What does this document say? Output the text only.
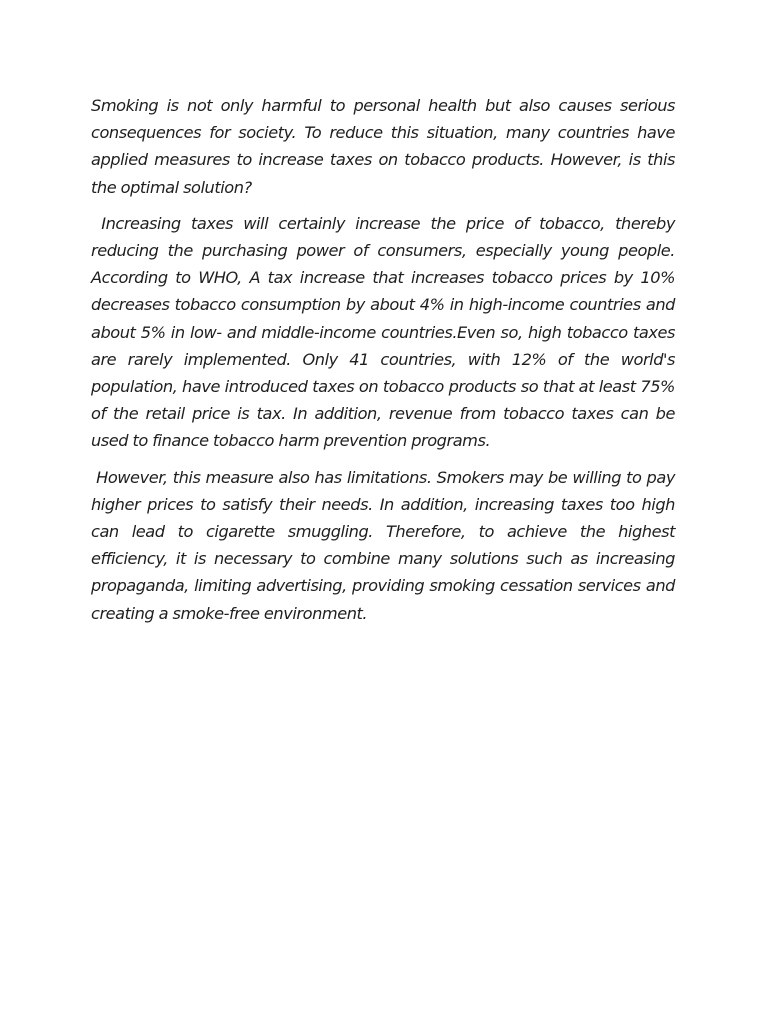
Smoking is not only harmful to personal health but also causes serious consequences for society. To reduce this situation, many countries have applied measures to increase taxes on tobacco products. However, is this the optimal solution?

Increasing taxes will certainly increase the price of tobacco, thereby reducing the purchasing power of consumers, especially young people. According to WHO, A tax increase that increases tobacco prices by 10% decreases tobacco consumption by about 4% in high-income countries and about 5% in low- and middle-income countries.Even so, high tobacco taxes are rarely implemented. Only 41 countries, with 12% of the world's population, have introduced taxes on tobacco products so that at least 75% of the retail price is tax. In addition, revenue from tobacco taxes can be used to finance tobacco harm prevention programs.

However, this measure also has limitations. Smokers may be willing to pay higher prices to satisfy their needs. In addition, increasing taxes too high can lead to cigarette smuggling. Therefore, to achieve the highest efficiency, it is necessary to combine many solutions such as increasing propaganda, limiting advertising, providing smoking cessation services and creating a smoke-free environment.
